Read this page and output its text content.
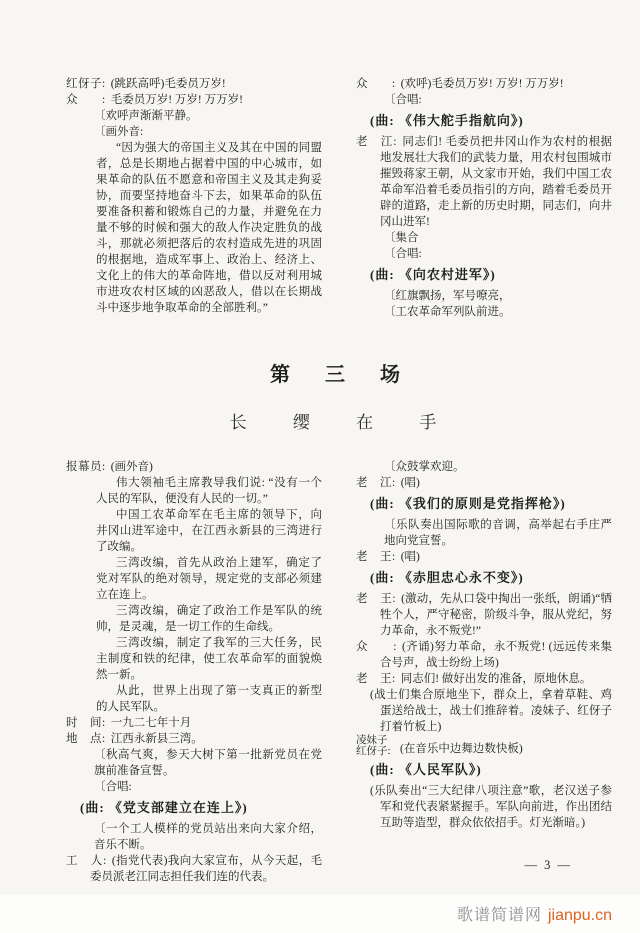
红伢子: (跳跃高呼)毛委员万岁!
众　　: 毛委员万岁! 万岁! 万万岁!
〔欢呼声渐渐平静。
〔画外音:
“因为强大的帝国主义及其在中国的同盟者，总是长期地占据着中国的中心城市，如果革命的队伍不愿意和帝国主义及其走狗妥协，而要坚持地奋斗下去，如果革命的队伍要准备积蓄和锻炼自己的力量，并避免在力量不够的时候和强大的敌人作决定胜负的战斗，那就必须把落后的农村造成先进的巩固的根据地，造成军事上、政治上、经济上、文化上的伟大的革命阵地，借以反对利用城市进攻农村区域的凶恶敌人，借以在长期战斗中逐步地争取革命的全部胜利。”
众　　: (欢呼)毛委员万岁! 万岁! 万万岁!
〔合唱:
(曲: 《伟大舵手指航向》)
老　江: 同志们! 毛委员把井冈山作为农村的根据地发展壮大我们的武装力量，用农村包围城市摧毁蒋家王朝，从文家市开始，我们中国工农革命军沿着毛委员指引的方向，踏着毛委员开辟的道路，走上新的历史时期，同志们，向井冈山进军!
〔集合
〔合唱:
(曲: 《向农村进军》)
〔红旗飘扬，军号嘹亮，
〔工农革命军列队前进。
第 三 场
长 缨 在 手
报幕员: (画外音)
伟大领袖毛主席教导我们说: “没有一个人民的军队，便没有人民的一切。”
中国工农革命军在毛主席的领导下，向井冈山进军途中，在江西永新县的三湾进行了改编。
三湾改编，首先从政治上建军，确定了党对军队的绝对领导，规定党的支部必须建立在连上。
三湾改编，确定了政治工作是军队的统帅，是灵魂，是一切工作的生命线。
三湾改编，制定了我军的三大任务，民主制度和铁的纪律，使工农革命军的面貌焕然一新。
从此，世界上出现了第一支真正的新型的人民军队。
时　间: 一九二七年十月
地　点: 江西永新县三湾。
〔秋高气爽，参天大树下第一批新党员在党旗前准备宣誓。
〔合唱:
(曲: 《党支部建立在连上》)
〔一个工人模样的党员站出来向大家介绍，音乐不断。
工　人: (指党代表)我向大家宣布，从今天起，毛委员派老江同志担任我们连的代表。
〔众鼓掌欢迎。
老　江: (唱)
(曲: 《我们的原则是党指挥枪》)
〔乐队奏出国际歌的音调，高举起右手庄严地向党宣誓。
老　王: (唱)
(曲: 《赤胆忠心永不变》)
老　王: (激动，先从口袋中掏出一张纸，朗诵)“牺牲个人，严守秘密，阶级斗争，服从党纪，努力革命，永不叛党!”
众　　: (齐诵)努力革命，永不叛党! (远远传来集合号声，战士纷纷上场)
老　王: 同志们! 做好出发的准备，原地休息。
(战士们集合原地坐下，群众上，拿着草鞋、鸡蛋送给战士，战士们推辞着。凌妹子、红伢子打着竹板上)
凌妹子
红伢子: (在音乐中边舞边数快板)
(曲: 《人民军队》)
(乐队奏出“三大纪律八项注意”歌，老汉送子参军和党代表紧紧握手。军队向前进，作出团结互助等造型，群众依依招手。灯光渐暗。)
— 3 —
歌谱简谱网 jianpu.cn
